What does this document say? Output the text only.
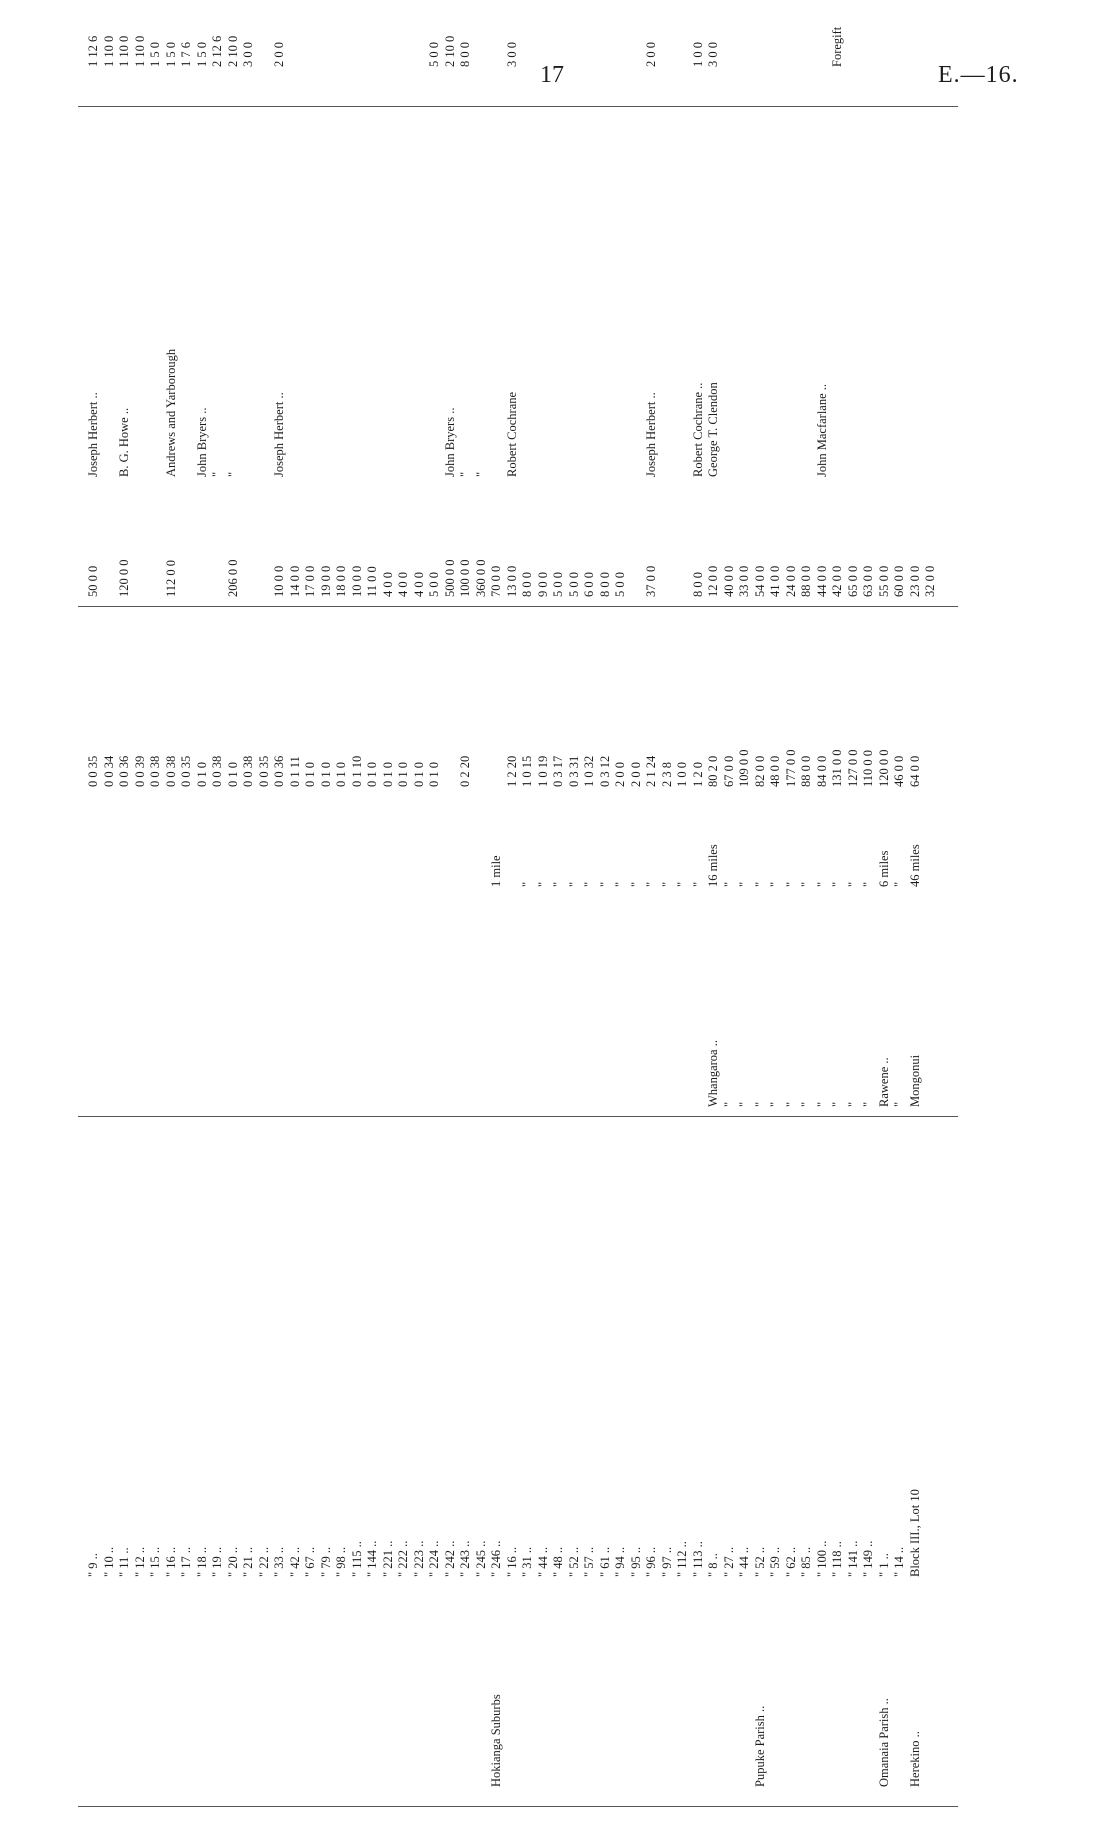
17	E.—16.
" 9 ..
0 0 35
50 0 0
Joseph Herbert ..
1 12 6
" 10 ..
0 0 34
1 10 0
" 11 ..
0 0 36
120 0 0
B. G. Howe ..
1 10 0
" 12 ..
0 0 39
1 10 0
" 15 ..
0 0 38
1 5 0
" 16 ..
0 0 38
112 0 0
Andrews and Yarborough
1 5 0
" 17 ..
0 0 35
1 7 6
" 18 ..
0 1 0
John Bryers ..
1 5 0
" 19 ..
0 0 38
"
2 12 6
" 20 ..
0 1 0
206 0 0
"
2 10 0
" 21 ..
0 0 38
3 0 0
" 22 ..
0 0 35
" 33 ..
0 0 36
10 0 0
Joseph Herbert ..
2 0 0
" 42 ..
0 1 11
14 0 0
" 67 ..
0 1 0
17 0 0
" 79 ..
0 1 0
19 0 0
" 98 ..
0 1 0
18 0 0
" 115 ..
0 1 10
10 0 0
" 144 ..
0 1 0
11 0 0
" 221 ..
0 1 0
4 0 0
" 222 ..
0 1 0
4 0 0
" 223 ..
0 1 0
4 0 0
" 224 ..
0 1 0
5 0 0
5 0 0
" 242 ..
500 0 0
John Bryers ..
2 10 0
" 243 ..
0 2 20
100 0 0
"
8 0 0
" 245 ..
360 0 0
"
Hokianga Suburbs
" 246 ..
1 mile
70 0 0
" 16 ..
1 2 20
13 0 0
Robert Cochrane
3 0 0
" 31 ..
"
1 0 15
8 0 0
" 44 ..
"
1 0 19
9 0 0
" 48 ..
"
0 3 17
5 0 0
" 52 ..
"
0 3 31
5 0 0
" 57 ..
"
1 0 32
6 0 0
" 61 ..
"
0 3 12
8 0 0
" 94 ..
"
2 0 0
5 0 0
" 95 ..
"
2 0 0
" 96 ..
"
2 1 24
37 0 0
Joseph Herbert ..
2 0 0
" 97 ..
"
2 3 8
" 112 ..
"
1 0 0
" 113 ..
"
1 2 0
8 0 0
Robert Cochrane ..
1 0 0
" 8 ..
Whangaroa ..
16 miles
80 2 0
12 0 0
George T. Clendon
3 0 0
" 27 ..
"
"
67 0 0
40 0 0
" 44 ..
"
"
109 0 0
33 0 0
Pupuke Parish ..
" 52 ..
"
"
82 0 0
54 0 0
" 59 ..
"
"
48 0 0
41 0 0
" 62 ..
"
"
177 0 0
24 0 0
" 85 ..
"
"
88 0 0
88 0 0
" 100 ..
"
"
84 0 0
44 0 0
John Macfarlane ..
" 118 ..
"
"
131 0 0
42 0 0
Foregift
" 141 ..
"
"
127 0 0
65 0 0
" 149 ..
"
"
110 0 0
63 0 0
Omanaia Parish ..
" 1 ..
Rawene ..
6 miles
120 0 0
55 0 0
" 14 ..
"
"
46 0 0
60 0 0
Herekino ..
Block III., Lot 10
Mongonui
46 miles
64 0 0
23 0 0 32 0 0
